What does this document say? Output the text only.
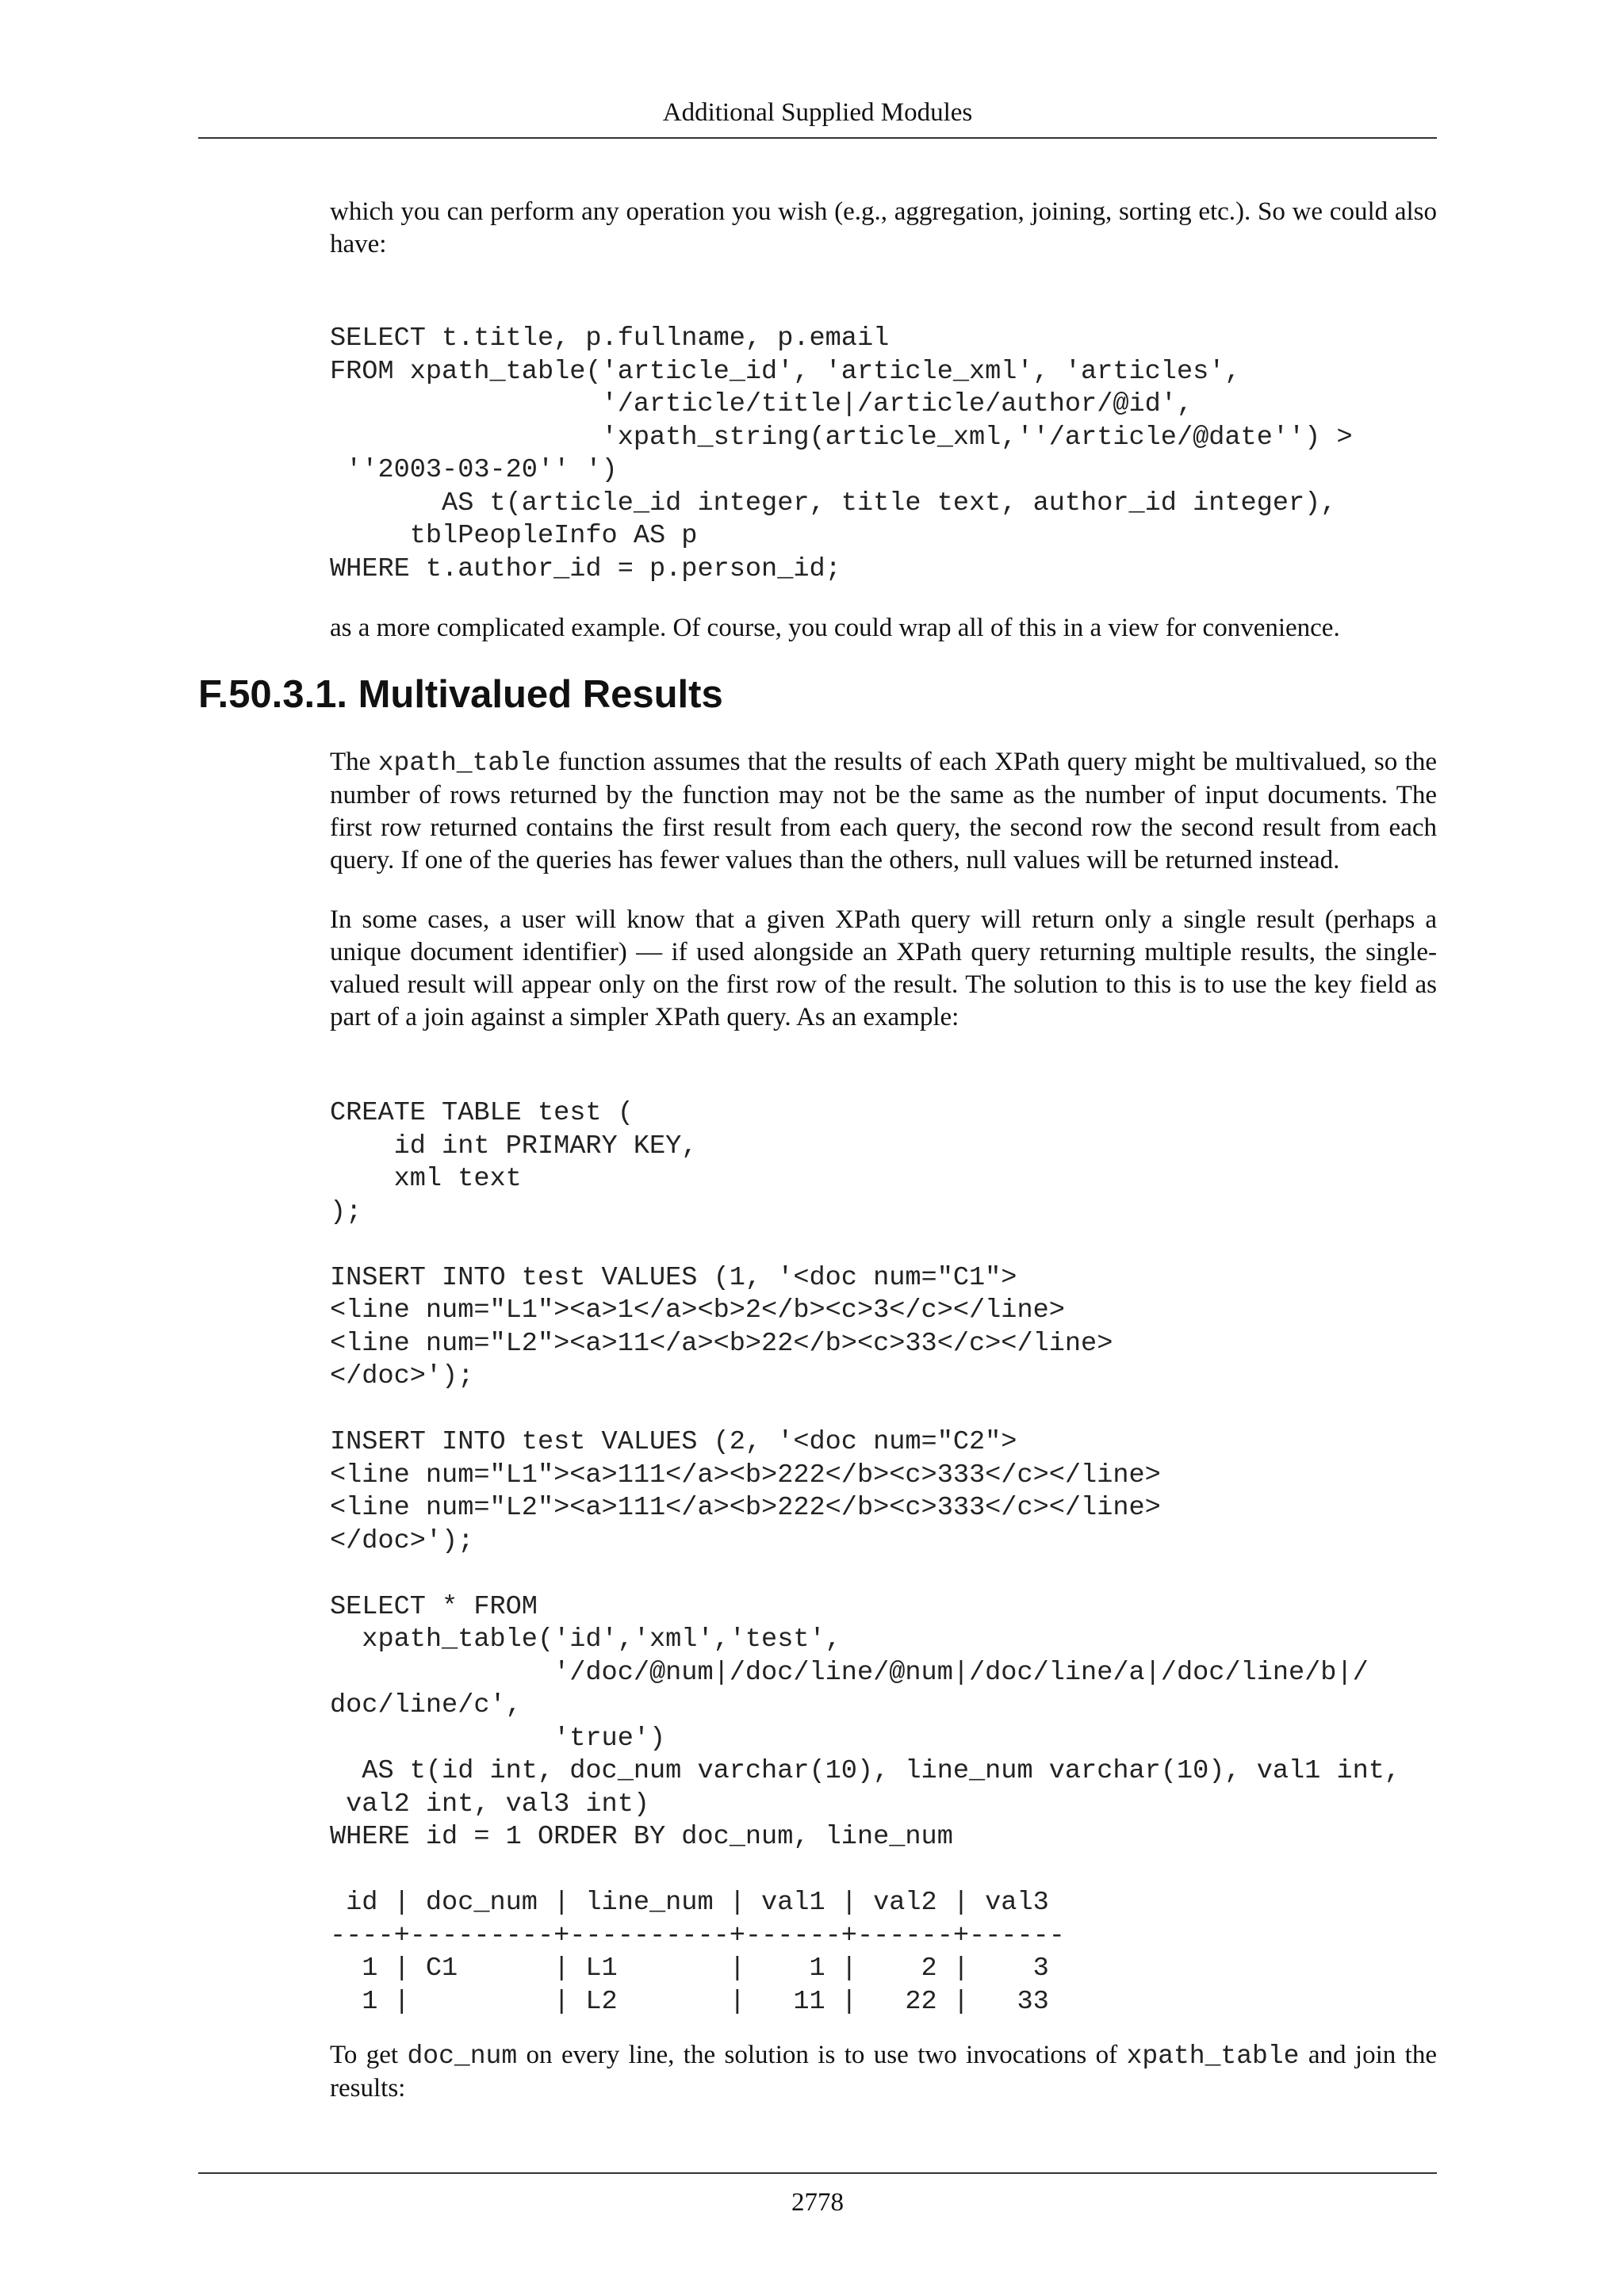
Additional Supplied Modules

which you can perform any operation you wish (e.g., aggregation, joining, sorting etc.). So we could also have:

SELECT t.title, p.fullname, p.email
FROM xpath_table('article_id', 'article_xml', 'articles',
'/article/title|/article/author/@id',
'xpath_string(article_xml,''/article/@date'') >
''2003-03-20'' ')
AS t(article_id integer, title text, author_id integer),
tblPeopleInfo AS p
WHERE t.author_id = p.person_id;

as a more complicated example. Of course, you could wrap all of this in a view for convenience.

F.50.3.1. Multivalued Results

The xpath_table function assumes that the results of each XPath query might be multivalued, so the number of rows returned by the function may not be the same as the number of input documents. The first row returned contains the first result from each query, the second row the second result from each query. If one of the queries has fewer values than the others, null values will be returned instead.

In some cases, a user will know that a given XPath query will return only a single result (perhaps a unique document identifier) — if used alongside an XPath query returning multiple results, the single-valued result will appear only on the first row of the result. The solution to this is to use the key field as part of a join against a simpler XPath query. As an example:

CREATE TABLE test (
id int PRIMARY KEY,
xml text
);

INSERT INTO test VALUES (1, '<doc num="C1">
<line num="L1"><a>1</a><b>2</b><c>3</c></line>
<line num="L2"><a>11</a><b>22</b><c>33</c></line>
</doc>');

INSERT INTO test VALUES (2, '<doc num="C2">
<line num="L1"><a>111</a><b>222</b><c>333</c></line>
<line num="L2"><a>111</a><b>222</b><c>333</c></line>
</doc>');

SELECT * FROM
xpath_table('id','xml','test',
'/doc/@num|/doc/line/@num|/doc/line/a|/doc/line/b|/
doc/line/c',
'true')
AS t(id int, doc_num varchar(10), line_num varchar(10), val1 int,
val2 int, val3 int)
WHERE id = 1 ORDER BY doc_num, line_num

id | doc_num | line_num | val1 | val2 | val3
----+---------+----------+------+------+------
1 | C1      | L1       |    1 |    2 |    3
1 |         | L2       |   11 |   22 |   33

To get doc_num on every line, the solution is to use two invocations of xpath_table and join the results:

2778
